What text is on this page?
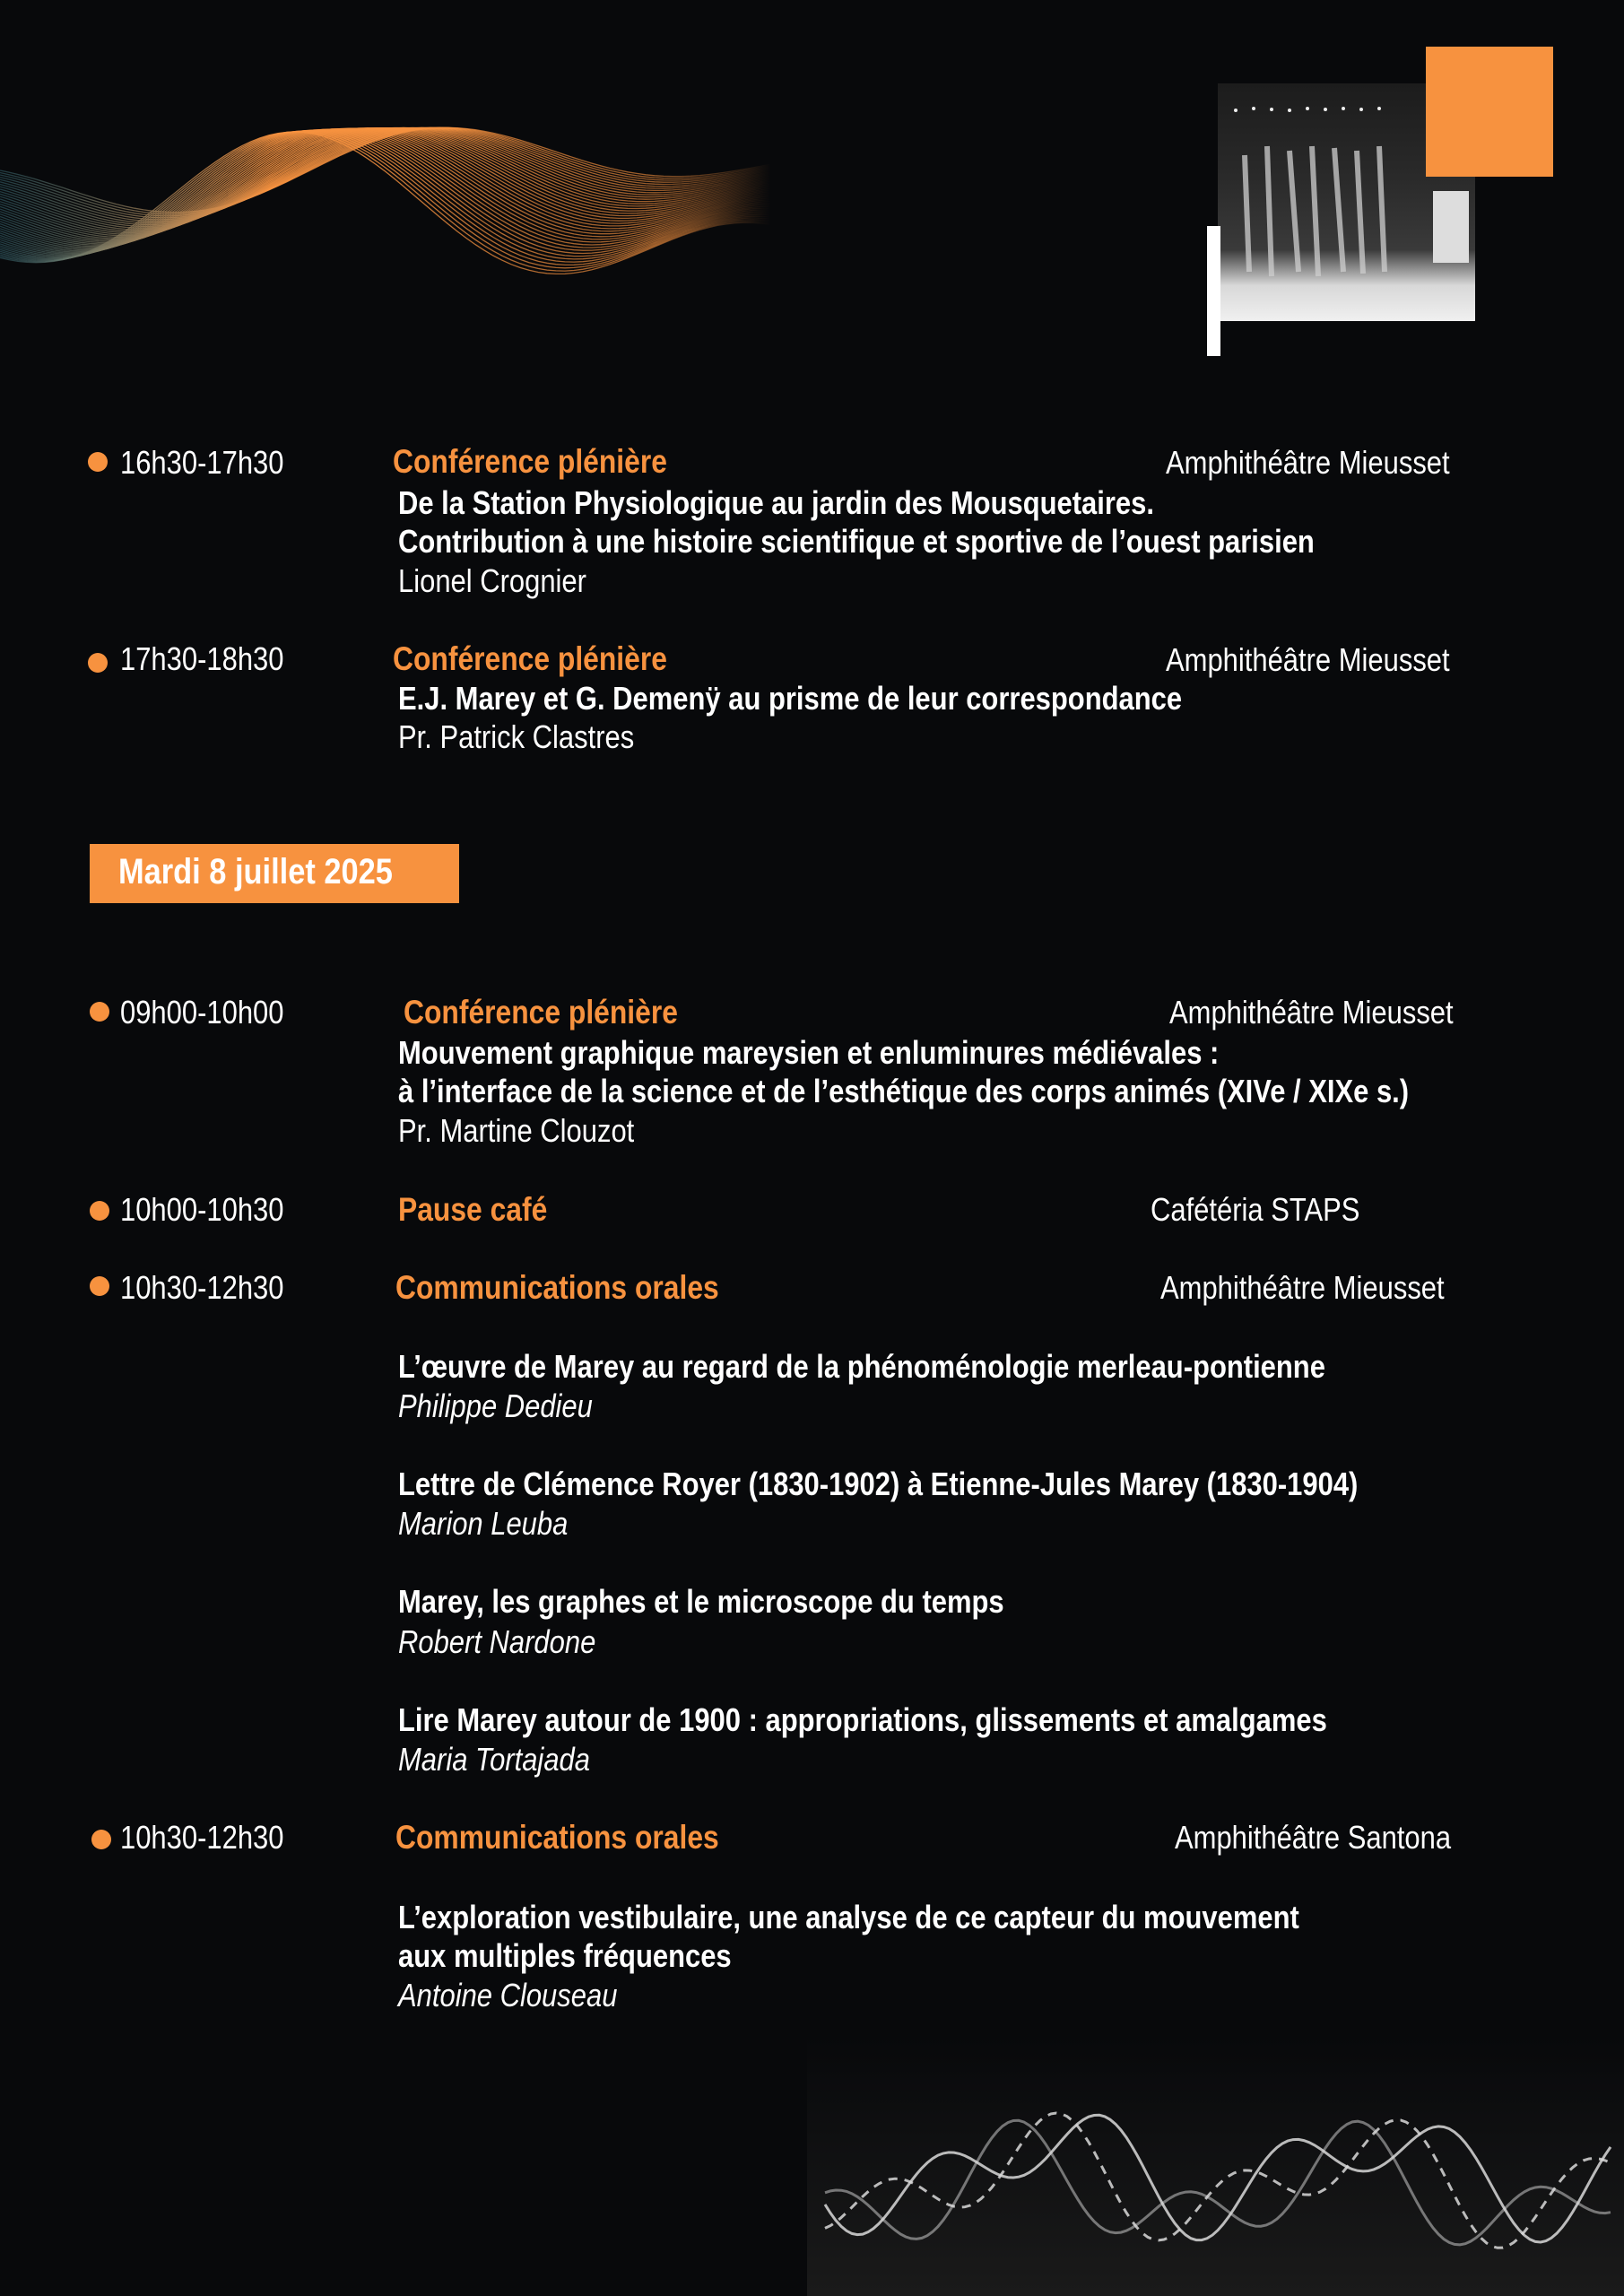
16h30-17h30	Conférence plénière	Amphithéâtre Mieusset
De la Station Physiologique au jardin des Mousquetaires.
Contribution à une histoire scientifique et sportive de l’ouest parisien
Lionel Crognier
17h30-18h30	Conférence plénière	Amphithéâtre Mieusset
E.J. Marey et G. Demenÿ au prisme de leur correspondance
Pr. Patrick Clastres
Mardi 8 juillet 2025
09h00-10h00	Conférence plénière	Amphithéâtre Mieusset
Mouvement graphique mareysien et enluminures médiévales :
à l’interface de la science et de l’esthétique des corps animés (XIVe / XIXe s.)
Pr. Martine Clouzot
10h00-10h30	Pause café	Cafétéria STAPS
10h30-12h30	Communications orales	Amphithéâtre Mieusset
L’œuvre de Marey au regard de la phénoménologie merleau-pontienne
Philippe Dedieu
Lettre de Clémence Royer (1830-1902) à Etienne-Jules Marey (1830-1904)
Marion Leuba
Marey, les graphes et le microscope du temps
Robert Nardone
Lire Marey autour de 1900 : appropriations, glissements et amalgames
Maria Tortajada
10h30-12h30	Communications orales	Amphithéâtre Santona
L’exploration vestibulaire, une analyse de ce capteur du mouvement
aux multiples fréquences
Antoine Clouseau
